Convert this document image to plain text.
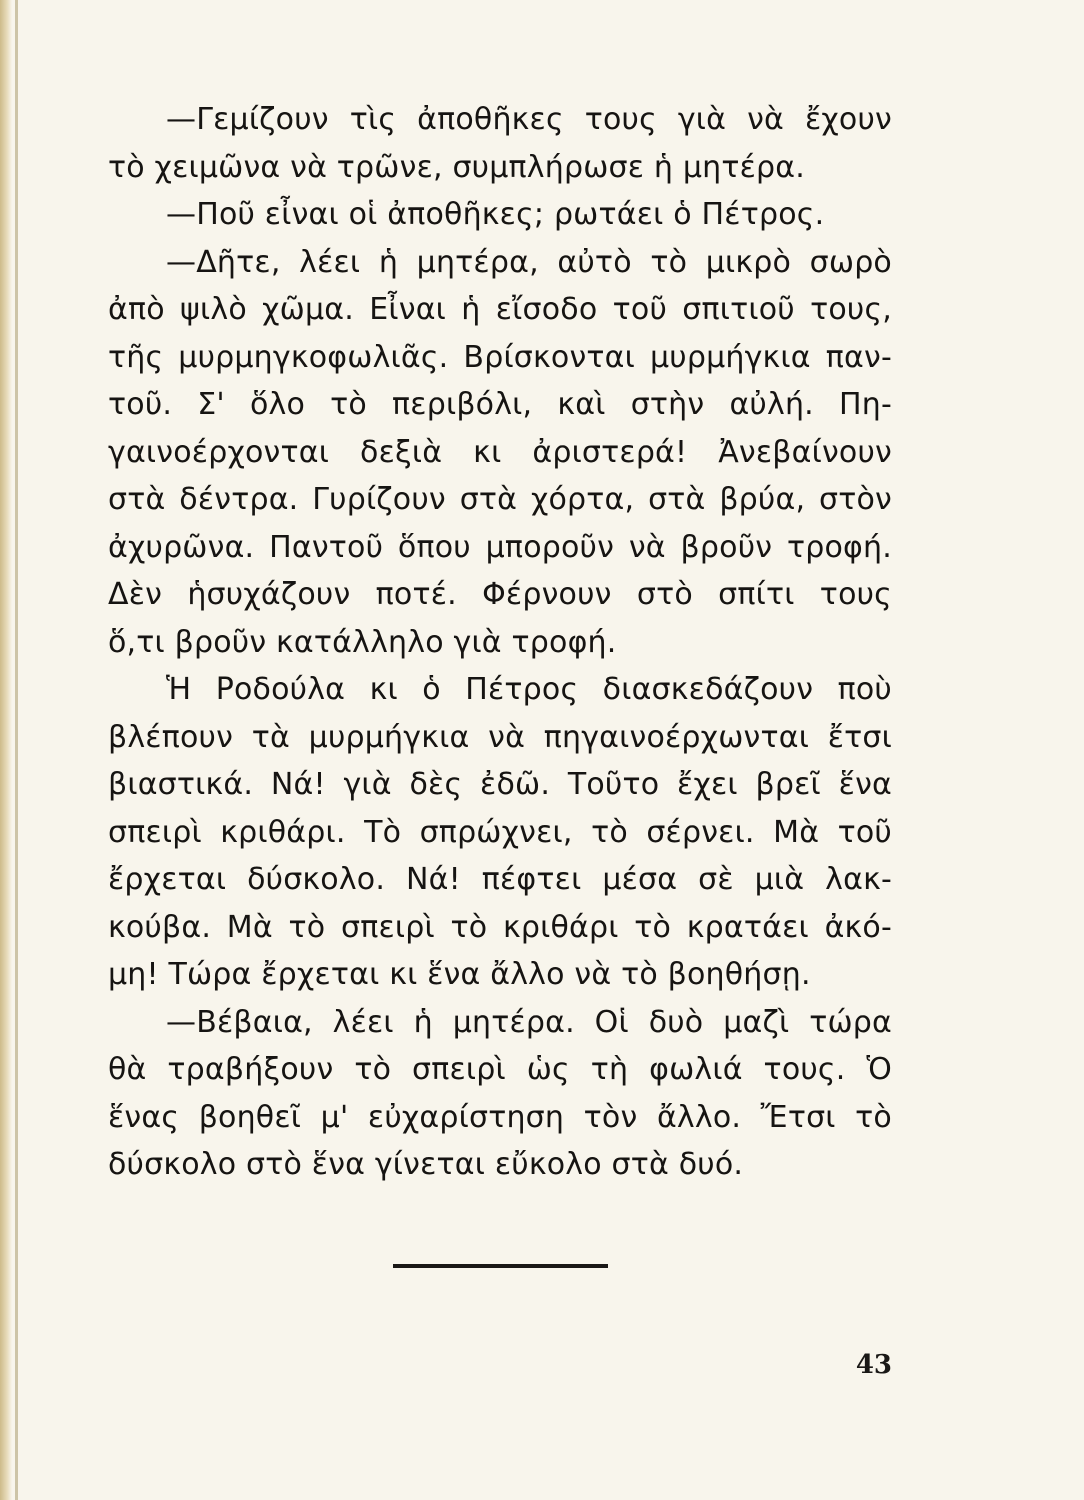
—Γεμίζουν τὶς ἀποθῆκες τους γιὰ νὰ ἔχουν
τὸ χειμῶνα νὰ τρῶνε, συμπλήρωσε ἡ μητέρα.
—Ποῦ εἶναι οἱ ἀποθῆκες; ρωτάει ὁ Πέτρος.
—Δῆτε, λέει ἡ μητέρα, αὐτὸ τὸ μικρὸ σωρὸ
ἀπὸ ψιλὸ χῶμα. Εἶναι ἡ εἴσοδο τοῦ σπιτιοῦ τους,
τῆς μυρμηγκοφωλιᾶς. Βρίσκονται μυρμήγκια παν-
τοῦ. Σ' ὅλο τὸ περιβόλι, καὶ στὴν αὐλή. Πη-
γαινοέρχονται δεξιὰ κι ἀριστερά! Ἀνεβαίνουν
στὰ δέντρα. Γυρίζουν στὰ χόρτα, στὰ βρύα, στὸν
ἀχυρῶνα. Παντοῦ ὅπου μποροῦν νὰ βροῦν τροφή.
Δὲν ἡσυχάζουν ποτέ. Φέρνουν στὸ σπίτι τους
ὅ,τι βροῦν κατάλληλο γιὰ τροφή.
Ἡ Ροδούλα κι ὁ Πέτρος διασκεδάζουν ποὺ
βλέπουν τὰ μυρμήγκια νὰ πηγαινοέρχωνται ἔτσι
βιαστικά. Νά! γιὰ δὲς ἐδῶ. Τοῦτο ἔχει βρεῖ ἕνα
σπειρὶ κριθάρι. Τὸ σπρώχνει, τὸ σέρνει. Μὰ τοῦ
ἔρχεται δύσκολο. Νά! πέφτει μέσα σὲ μιὰ λακ-
κούβα. Μὰ τὸ σπειρὶ τὸ κριθάρι τὸ κρατάει ἀκό-
μη! Τώρα ἔρχεται κι ἕνα ἄλλο νὰ τὸ βοηθήσῃ.
—Βέβαια, λέει ἡ μητέρα. Οἱ δυὸ μαζὶ τώρα
θὰ τραβήξουν τὸ σπειρὶ ὡς τὴ φωλιά τους. Ὁ
ἕνας βοηθεῖ μ' εὐχαρίστηση τὸν ἄλλο. Ἔτσι τὸ
δύσκολο στὸ ἕνα γίνεται εὔκολο στὰ δυό.
43
